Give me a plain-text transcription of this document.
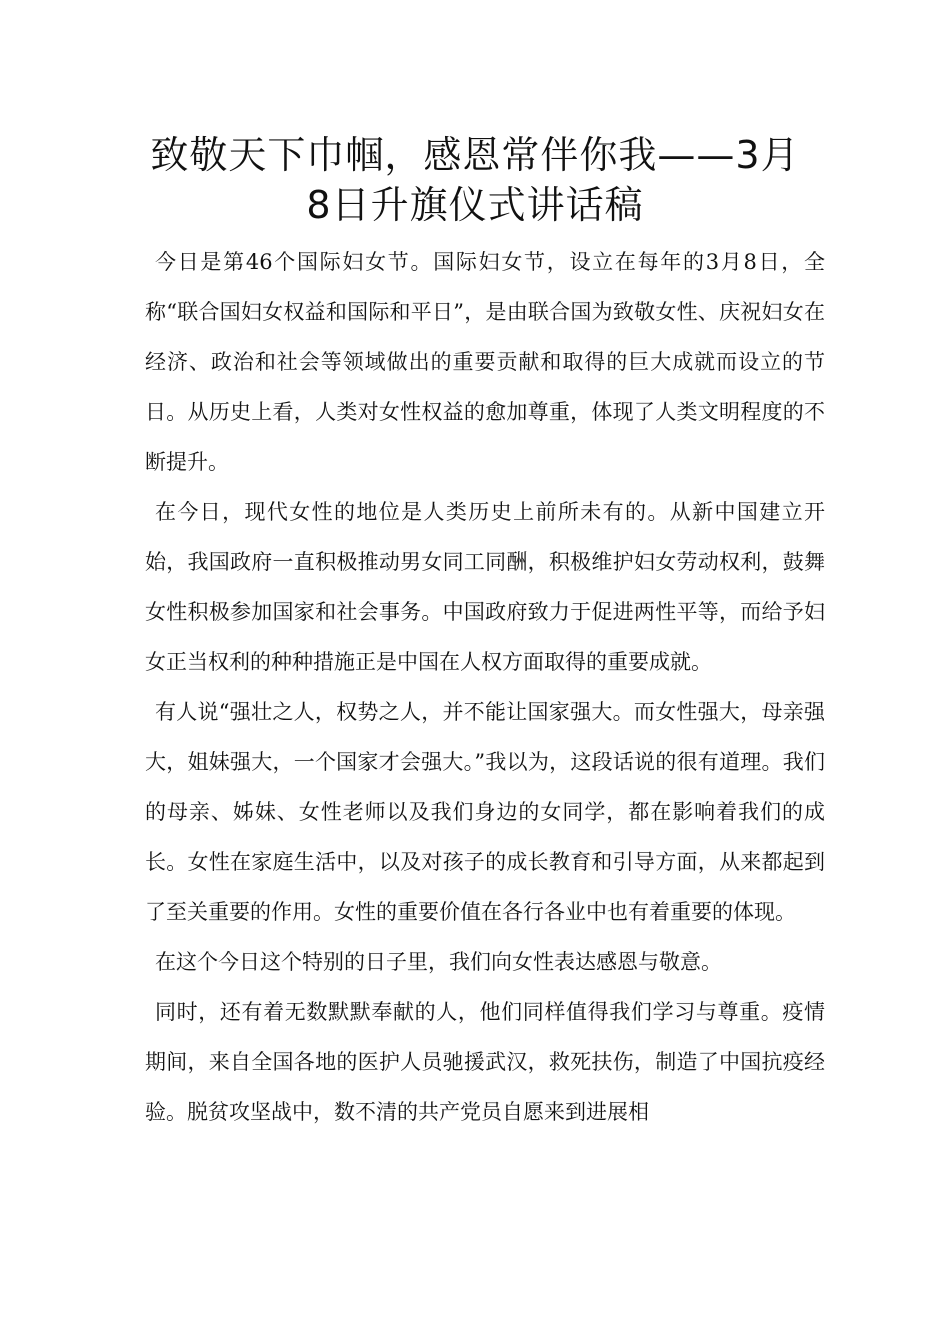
致敬天下巾帼，感恩常伴你我——3月
8日升旗仪式讲话稿

今日是第46个国际妇女节。国际妇女节，设立在每年的3月8日，全称“联合国妇女权益和国际和平日”，是由联合国为致敬女性、庆祝妇女在经济、政治和社会等领域做出的重要贡献和取得的巨大成就而设立的节日。从历史上看，人类对女性权益的愈加尊重，体现了人类文明程度的不断提升。

在今日，现代女性的地位是人类历史上前所未有的。从新中国建立开始，我国政府一直积极推动男女同工同酬，积极维护妇女劳动权利，鼓舞女性积极参加国家和社会事务。中国政府致力于促进两性平等，而给予妇女正当权利的种种措施正是中国在人权方面取得的重要成就。

有人说“强壮之人，权势之人，并不能让国家强大。而女性强大，母亲强大，姐妹强大，一个国家才会强大。”我以为，这段话说的很有道理。我们的母亲、姊妹、女性老师以及我们身边的女同学，都在影响着我们的成长。女性在家庭生活中，以及对孩子的成长教育和引导方面，从来都起到了至关重要的作用。女性的重要价值在各行各业中也有着重要的体现。

在这个今日这个特别的日子里，我们向女性表达感恩与敬意。

同时，还有着无数默默奉献的人，他们同样值得我们学习与尊重。疫情期间，来自全国各地的医护人员驰援武汉，救死扶伤，制造了中国抗疫经验。脱贫攻坚战中，数不清的共产党员自愿来到进展相
